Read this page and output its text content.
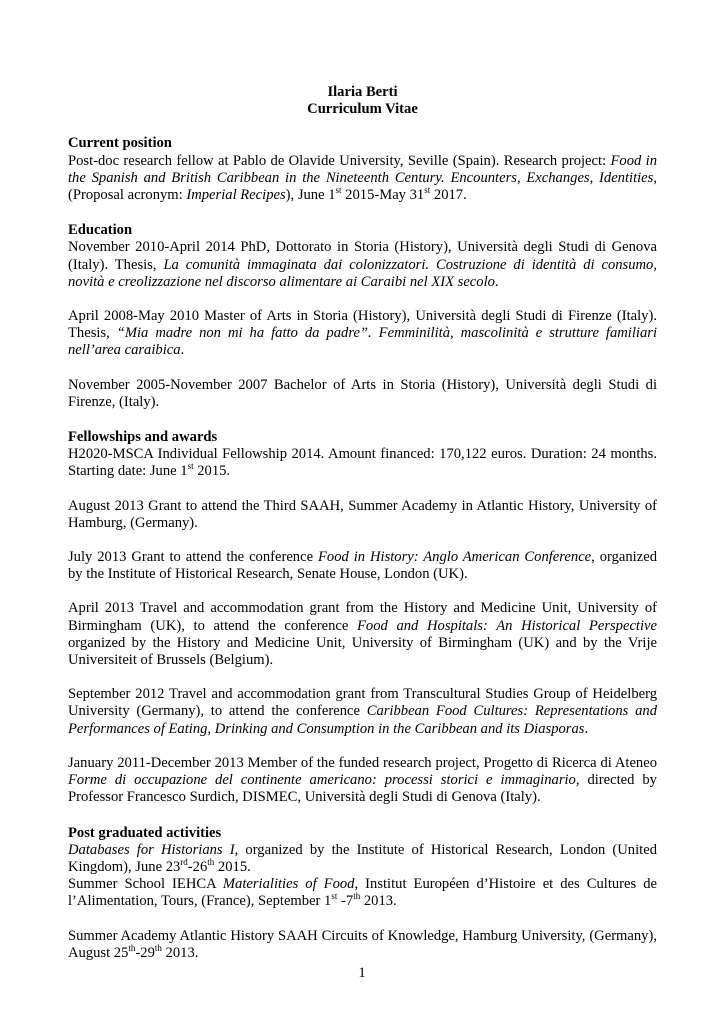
Ilaria Berti
Curriculum Vitae
Current position

Post-doc research fellow at Pablo de Olavide University, Seville (Spain). Research project: Food in the Spanish and British Caribbean in the Nineteenth Century. Encounters, Exchanges, Identities, (Proposal acronym: Imperial Recipes), June 1st 2015-May 31st 2017.

Education

November 2010-April 2014 PhD, Dottorato in Storia (History), Università degli Studi di Genova (Italy). Thesis, La comunità immaginata dai colonizzatori. Costruzione di identità di consumo, novità e creolizzazione nel discorso alimentare ai Caraibi nel XIX secolo.

April 2008-May 2010 Master of Arts in Storia (History), Università degli Studi di Firenze (Italy). Thesis, “Mia madre non mi ha fatto da padre”. Femminilità, mascolinità e strutture familiari nell’area caraibica.

November 2005-November 2007 Bachelor of Arts in Storia (History), Università degli Studi di Firenze, (Italy).

Fellowships and awards

H2020-MSCA Individual Fellowship 2014. Amount financed: 170,122 euros. Duration: 24 months. Starting date: June 1st 2015.

August 2013 Grant to attend the Third SAAH, Summer Academy in Atlantic History, University of Hamburg, (Germany).

July 2013 Grant to attend the conference Food in History: Anglo American Conference, organized by the Institute of Historical Research, Senate House, London (UK).

April 2013 Travel and accommodation grant from the History and Medicine Unit, University of Birmingham (UK), to attend the conference Food and Hospitals: An Historical Perspective organized by the History and Medicine Unit, University of Birmingham (UK) and by the Vrije Universiteit of Brussels (Belgium).

September 2012 Travel and accommodation grant from Transcultural Studies Group of Heidelberg University (Germany), to attend the conference Caribbean Food Cultures: Representations and Performances of Eating, Drinking and Consumption in the Caribbean and its Diasporas.

January 2011-December 2013 Member of the funded research project, Progetto di Ricerca di Ateneo Forme di occupazione del continente americano: processi storici e immaginario, directed by Professor Francesco Surdich, DISMEC, Università degli Studi di Genova (Italy).

Post graduated activities

Databases for Historians I, organized by the Institute of Historical Research, London (United Kingdom), June 23rd-26th 2015.

Summer School IEHCA Materialities of Food, Institut Européen d’Histoire et des Cultures de l’Alimentation, Tours, (France), September 1st -7th 2013.

Summer Academy Atlantic History SAAH Circuits of Knowledge, Hamburg University, (Germany), August 25th-29th 2013.

1
